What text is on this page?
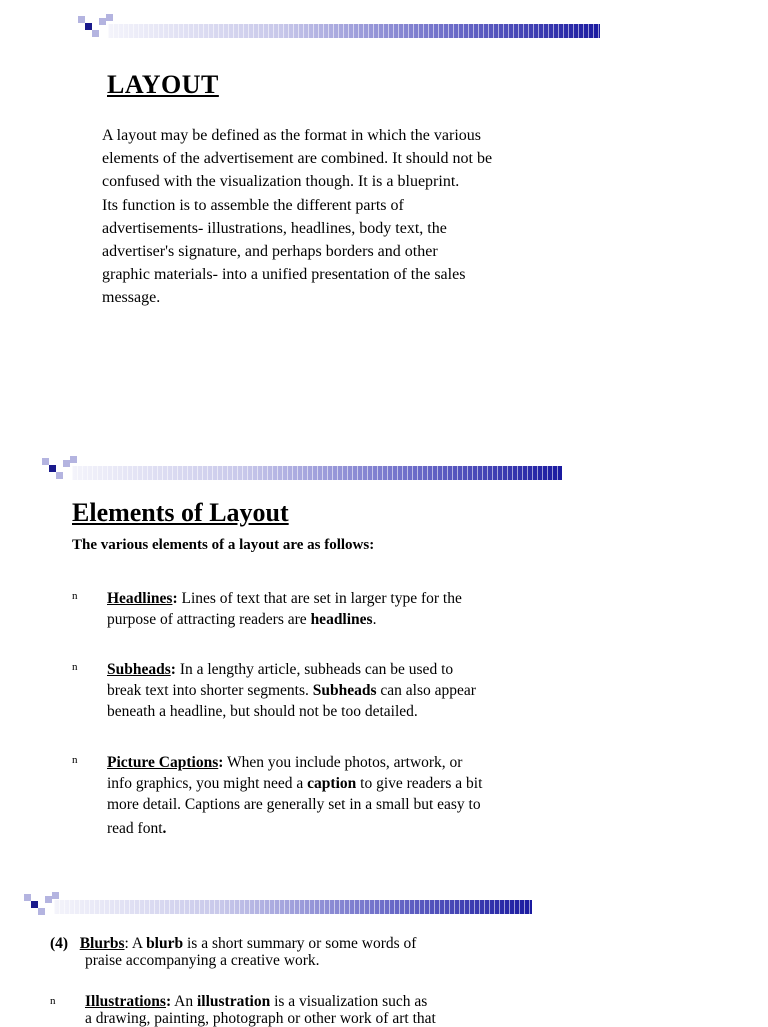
LAYOUT

A layout may be defined as the format in which the various
elements of the advertisement are combined. It should not be
confused with the visualization though. It is a blueprint.
Its function is to assemble the different parts of
advertisements- illustrations, headlines, body text, the
advertiser's signature, and perhaps borders and other
graphic materials- into a unified presentation of the sales
message.

Elements of Layout

The various elements of a layout are as follows:

n Headlines: Lines of text that are set in larger type for the
purpose of attracting readers are headlines.
n Subheads: In a lengthy article, subheads can be used to
break text into shorter segments. Subheads can also appear
beneath a headline, but should not be too detailed.
n Picture Captions: When you include photos, artwork, or
info graphics, you might need a caption to give readers a bit
more detail. Captions are generally set in a small but easy to
read font.
(4) Blurbs: A blurb is a short summary or some words of
praise accompanying a creative work.
n Illustrations: An illustration is a visualization such as
a drawing, painting, photograph or other work of art that
